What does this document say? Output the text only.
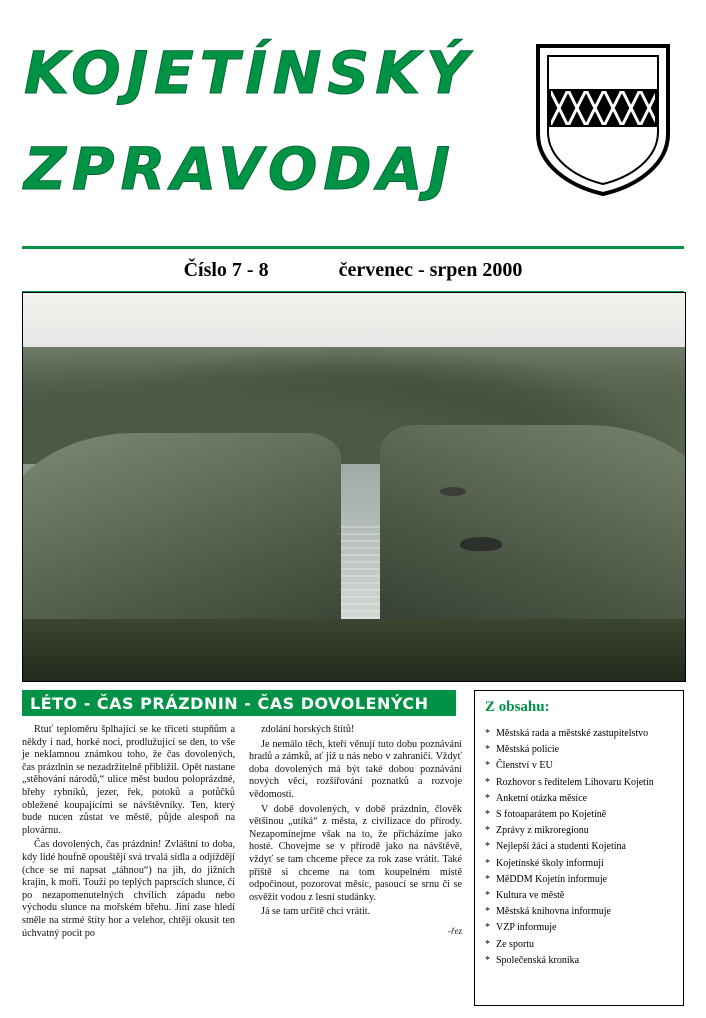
KOJETÍNSKÝ
ZPRAVODAJ
Číslo 7 - 8	červenec - srpen 2000
LÉTO - ČAS PRÁZDNIN - ČAS DOVOLENÝCH

Rtuť teploměru šplhající se ke třiceti stupňům a někdy i nad, horké noci, prodlužující se den, to vše je neklamnou známkou toho, že čas dovolených, čas prázdnin se nezadržitelně přiblížil. Opět nastane „stěhování národů,“ ulice měst budou poloprázdné, břehy rybníků, jezer, řek, potoků a potůčků obležené koupajícími se návštěvníky. Ten, který bude nucen zůstat ve městě, půjde alespoň na plovárnu.

Čas dovolených, čas prázdnin! Zvláštní to doba, kdy lidé houfně opouštějí svá trvalá sídla a odjíždějí (chce se mi napsat „táhnou“) na jih, do jižních krajin, k moři. Touží po teplých paprscích slunce, či po nezapomenutelných chvílích západu nebo východu slunce na mořském břehu. Jiní zase hledí směle na strmé štíty hor a velehor, chtějí okusit ten úchvatný pocit po

zdolání horských štítů!

Je nemálo těch, kteří věnují tuto dobu poznávání hradů a zámků, ať již u nás nebo v zahraničí. Vždyť doba dovolených má být také dobou poznávání nových věcí, rozšiřování poznatků a rozvoje vědomostí.

V době dovolených, v době prázdnin, člověk většinou „utíká“ z města, z civilizace do přírody. Nezapomínejme však na to, že přicházíme jako hosté. Chovejme se v přírodě jako na návštěvě, vždyť se tam chceme přece za rok zase vrátit. Také příště si chceme na tom koupelném místě odpočinout, pozorovat měsíc, pasoucí se srnu či se osvěžit vodou z lesní studánky.

Já se tam určitě chci vrátit.

-řez
Z obsahu:
* Městská rada a městské zastupitelstvo
* Městská policie
* Členství v EU
* Rozhovor s ředitelem Lihovaru Kojetín
* Anketní otázka měsíce
* S fotoaparátem po Kojetíně
* Zprávy z mikroregionu
* Nejlepší žáci a studenti Kojetína
* Kojetínské školy informují
* MěDDM Kojetín informuje
* Kultura ve městě
* Městská knihovna informuje
* VZP informuje
* Ze sportu
* Společenská kronika
